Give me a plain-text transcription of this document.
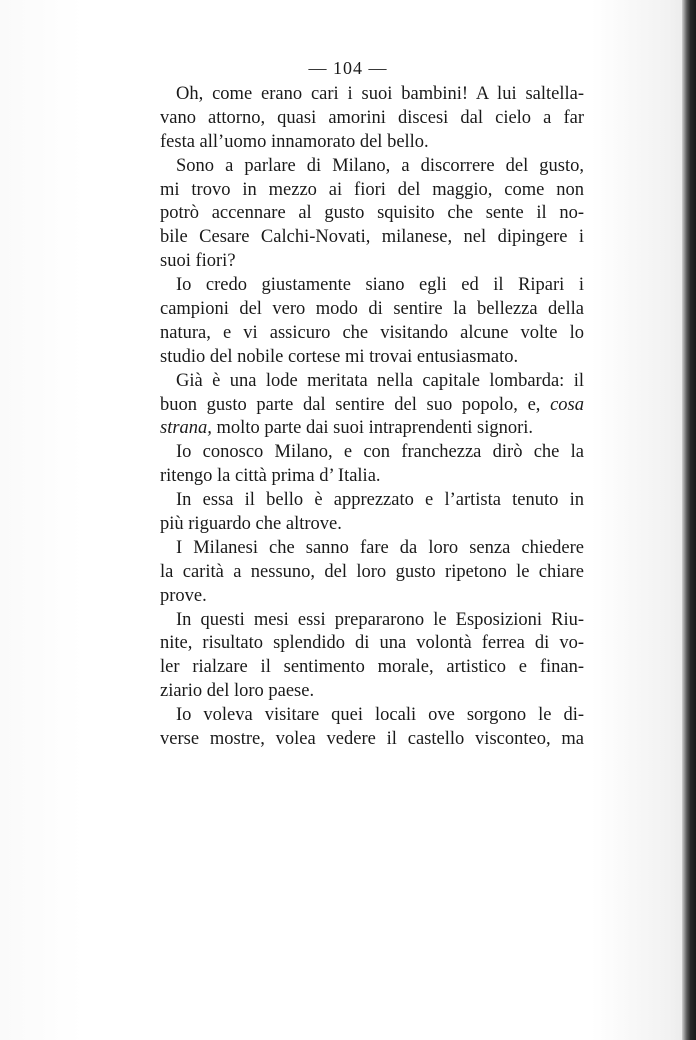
— 104 —
Oh, come erano cari i suoi bambini! A lui saltella-
vano attorno, quasi amorini discesi dal cielo a far
festa all’uomo innamorato del bello.
Sono a parlare di Milano, a discorrere del gusto,
mi trovo in mezzo ai fiori del maggio, come non
potrò accennare al gusto squisito che sente il no-
bile Cesare Calchi-Novati, milanese, nel dipingere i
suoi fiori?
Io credo giustamente siano egli ed il Ripari i
campioni del vero modo di sentire la bellezza della
natura, e vi assicuro che visitando alcune volte lo
studio del nobile cortese mi trovai entusiasmato.
Già è una lode meritata nella capitale lombarda: il
buon gusto parte dal sentire del suo popolo, e, cosa
strana, molto parte dai suoi intraprendenti signori.
Io conosco Milano, e con franchezza dirò che la
ritengo la città prima d’ Italia.
In essa il bello è apprezzato e l’artista tenuto in
più riguardo che altrove.
I Milanesi che sanno fare da loro senza chiedere
la carità a nessuno, del loro gusto ripetono le chiare
prove.
In questi mesi essi prepararono le Esposizioni Riu-
nite, risultato splendido di una volontà ferrea di vo-
ler rialzare il sentimento morale, artistico e finan-
ziario del loro paese.
Io voleva visitare quei locali ove sorgono le di-
verse mostre, volea vedere il castello visconteo, ma
